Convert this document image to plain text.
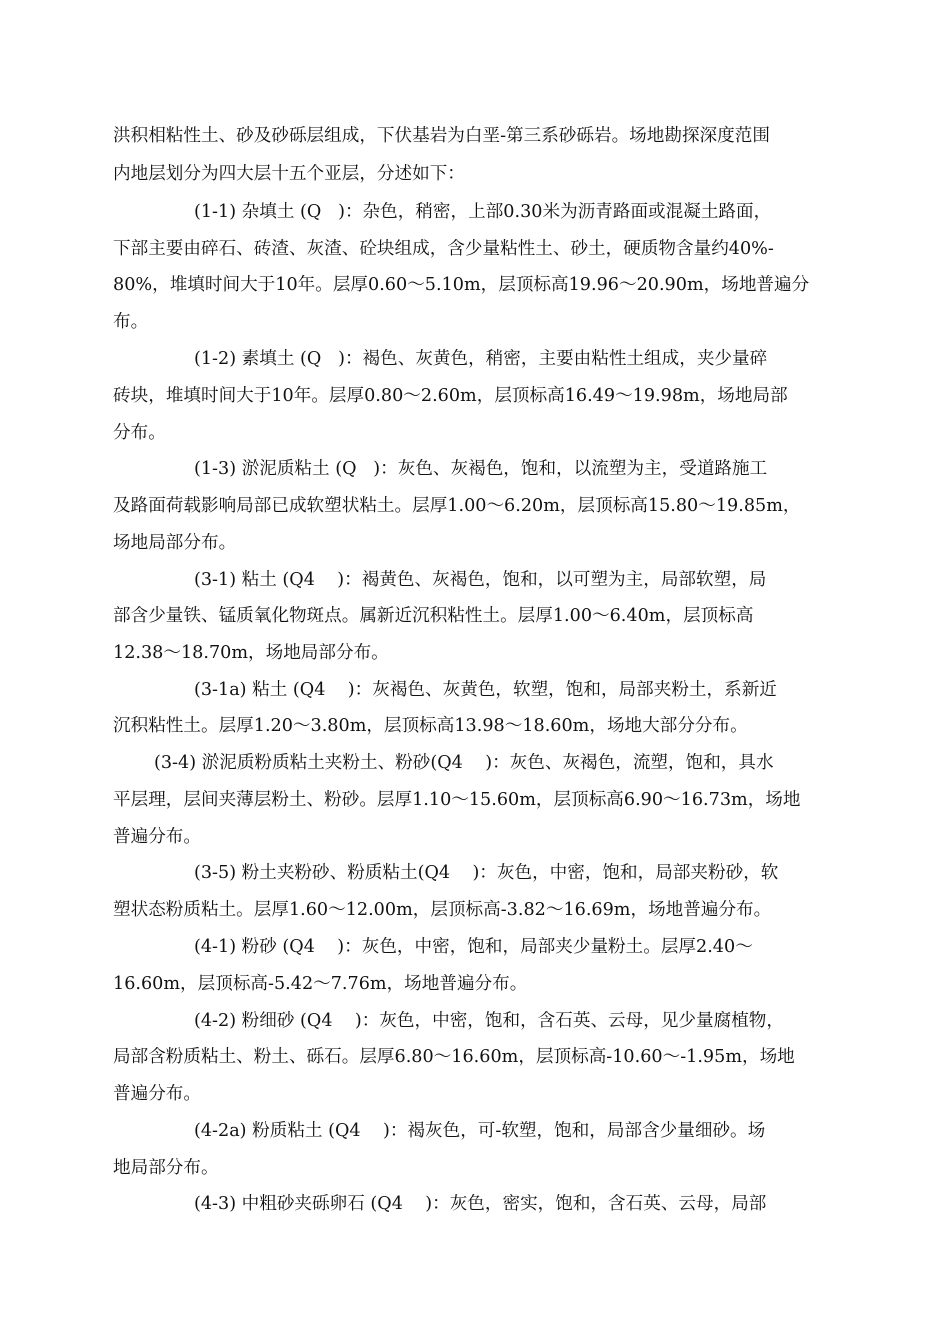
洪积相粘性土、砂及砂砾层组成，下伏基岩为白垩-第三系砂砾岩。场地勘探深度范围
内地层划分为四大层十五个亚层，分述如下：
(1-1) 杂填土 (Q   )：杂色，稍密，上部0.30米为沥青路面或混凝土路面，
下部主要由碎石、砖渣、灰渣、砼块组成，含少量粘性土、砂土，硬质物含量约40%-
80%，堆填时间大于10年。层厚0.60～5.10m，层顶标高19.96～20.90m，场地普遍分
布。
(1-2) 素填土 (Q   )：褐色、灰黄色，稍密，主要由粘性土组成，夹少量碎
砖块，堆填时间大于10年。层厚0.80～2.60m，层顶标高16.49～19.98m，场地局部
分布。
(1-3) 淤泥质粘土 (Q   )：灰色、灰褐色，饱和，以流塑为主，受道路施工
及路面荷载影响局部已成软塑状粘土。层厚1.00～6.20m，层顶标高15.80～19.85m，
场地局部分布。
(3-1) 粘土 (Q4    )：褐黄色、灰褐色，饱和，以可塑为主，局部软塑，局
部含少量铁、锰质氧化物斑点。属新近沉积粘性土。层厚1.00～6.40m，层顶标高
12.38～18.70m，场地局部分布。
(3-1a) 粘土 (Q4    )：灰褐色、灰黄色，软塑，饱和，局部夹粉土，系新近
沉积粘性土。层厚1.20～3.80m，层顶标高13.98～18.60m，场地大部分分布。
(3-4) 淤泥质粉质粘土夹粉土、粉砂(Q4    )：灰色、灰褐色，流塑，饱和，具水
平层理，层间夹薄层粉土、粉砂。层厚1.10～15.60m，层顶标高6.90～16.73m，场地
普遍分布。
(3-5) 粉土夹粉砂、粉质粘土(Q4    )：灰色，中密，饱和，局部夹粉砂，软
塑状态粉质粘土。层厚1.60～12.00m，层顶标高-3.82～16.69m，场地普遍分布。
(4-1) 粉砂 (Q4    )：灰色，中密，饱和，局部夹少量粉土。层厚2.40～
16.60m，层顶标高-5.42～7.76m，场地普遍分布。
(4-2) 粉细砂 (Q4    )：灰色，中密，饱和，含石英、云母，见少量腐植物，
局部含粉质粘土、粉土、砾石。层厚6.80～16.60m，层顶标高-10.60～-1.95m，场地
普遍分布。
(4-2a) 粉质粘土 (Q4    )：褐灰色，可-软塑，饱和，局部含少量细砂。场
地局部分布。
(4-3) 中粗砂夹砾卵石 (Q4    )：灰色，密实，饱和，含石英、云母，局部
